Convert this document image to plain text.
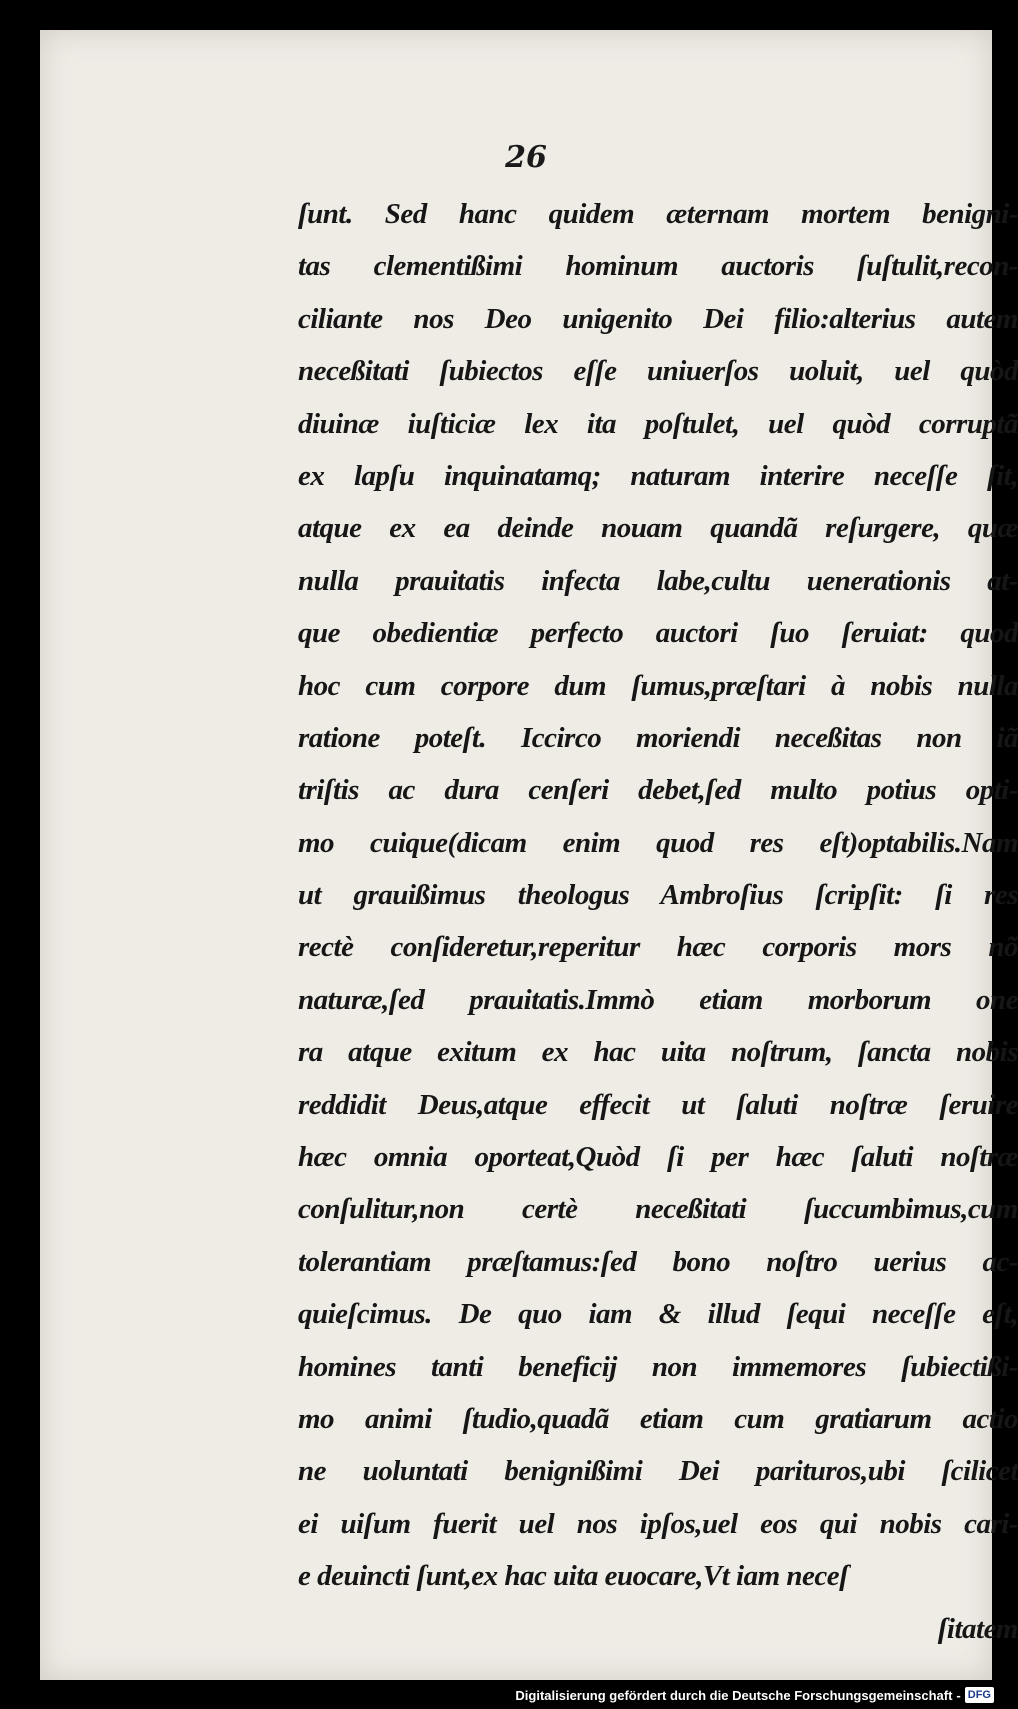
26
ſunt. Sed hanc quidem æternam mortem benigni-
tas clementißimi hominum auctoris ſuſtulit,recon-
ciliante nos Deo unigenito Dei filio:alterius autem
neceßitati ſubiectos eſſe uniuerſos uoluit, uel quòd
diuinæ iuſticiæ lex ita poſtulet, uel quòd corruptã
ex lapſu inquinatamq; naturam interire neceſſe ſit,
atque ex ea deinde nouam quandã reſurgere, quæ
nulla prauitatis infecta labe,cultu uenerationis at-
que obedientiæ perfecto auctori ſuo ſeruiat: quod
hoc cum corpore dum ſumus,præſtari à nobis nulla
ratione poteſt. Iccirco moriendi neceßitas non iã
triſtis ac dura cenſeri debet,ſed multo potius opti-
mo cuique(dicam enim quod res eſt)optabilis.Nam
ut grauißimus theologus Ambroſius ſcripſit: ſi res
rectè conſideretur,reperitur hæc corporis mors nõ
naturæ,ſed prauitatis.Immò etiam morborum one
ra atque exitum ex hac uita noſtrum, ſancta nobis
reddidit Deus,atque effecit ut ſaluti noſtræ ſeruire
hæc omnia oporteat,Quòd ſi per hæc ſaluti noſtræ
conſulitur,non certè neceßitati ſuccumbimus,cum
tolerantiam præſtamus:ſed bono noſtro uerius ac-
quieſcimus. De quo iam & illud ſequi neceſſe eſt,
homines tanti beneficij non immemores ſubiectißi-
mo animi ſtudio,quadã etiam cum gratiarum actio
ne uoluntati benignißimi Dei parituros,ubi ſcilicet
ei uiſum fuerit uel nos ipſos,uel eos qui nobis cari-
e deuincti ſunt,ex hac uita euocare,Vt iam neceſ
ſitatem
Digitalisierung gefördert durch die Deutsche Forschungsgemeinschaft - DFG
